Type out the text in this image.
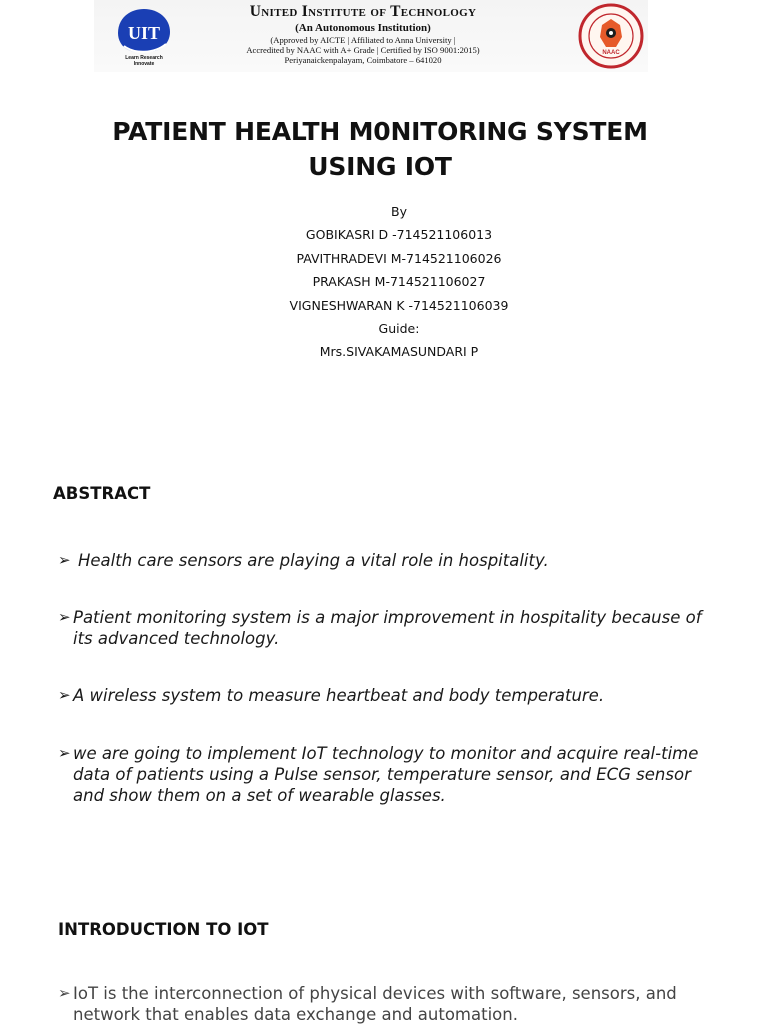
UIT
Learn Research
Innovate
United Institute of Technology
(An Autonomous Institution)
(Approved by AICTE | Affiliated to Anna University |
Accredited by NAAC with A+ Grade | Certified by ISO 9001:2015)
Periyanaickenpalayam, Coimbatore – 641020
NAAC
PATIENT HEALTH M0NITORING SYSTEM
USING IOT
By
GOBIKASRI D -714521106013
PAVITHRADEVI M-714521106026
PRAKASH M-714521106027
VIGNESHWARAN K -714521106039
Guide:
Mrs.SIVAKAMASUNDARI P
ABSTRACT
➢ Health care sensors are playing a vital role in hospitality.
➢ Patient monitoring system is a major improvement in hospitality because of its advanced technology.
➢ A wireless system to measure heartbeat and body temperature.
➢ we are going to implement IoT technology to monitor and acquire real-time data of patients using a Pulse sensor, temperature sensor, and ECG sensor and show them on a set of wearable glasses.
INTRODUCTION TO IOT
➢ IoT is the interconnection of physical devices with software, sensors, and network that enables data exchange and automation.
